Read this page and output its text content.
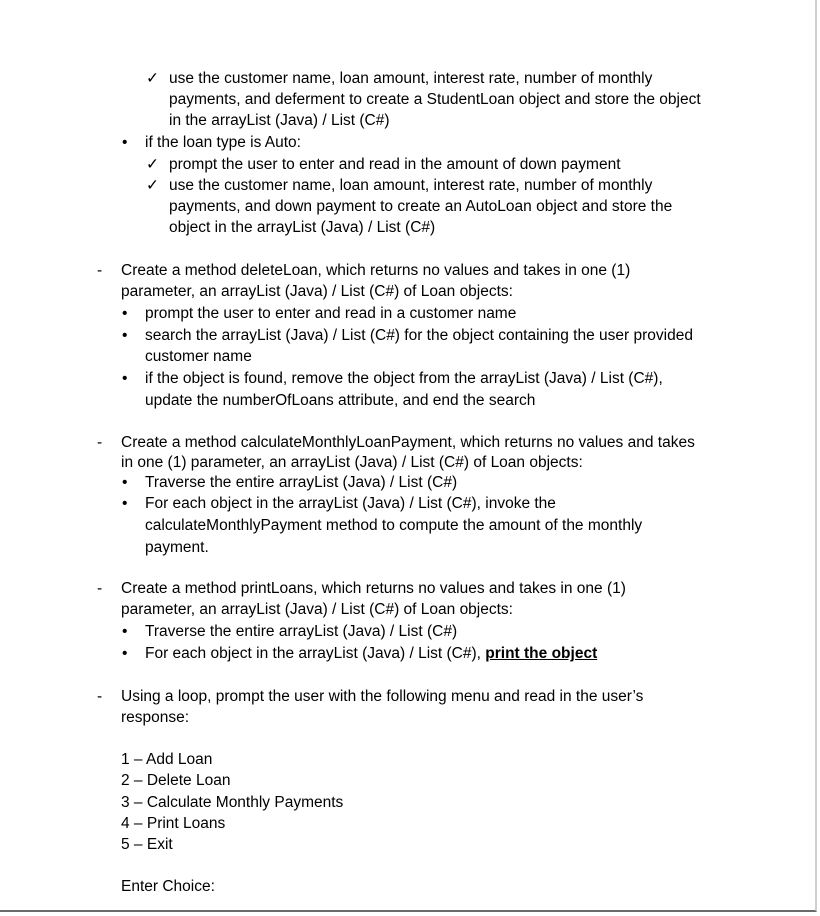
✓ use the customer name, loan amount, interest rate, number of monthly
payments, and deferment to create a StudentLoan object and store the object
in the arrayList (Java) / List (C#)
• if the loan type is Auto:
✓ prompt the user to enter and read in the amount of down payment
✓ use the customer name, loan amount, interest rate, number of monthly
payments, and down payment to create an AutoLoan object and store the
object in the arrayList (Java) / List (C#)
- Create a method deleteLoan, which returns no values and takes in one (1)
parameter, an arrayList (Java) / List (C#) of Loan objects:
• prompt the user to enter and read in a customer name
• search the arrayList (Java) / List (C#) for the object containing the user provided
customer name
• if the object is found, remove the object from the arrayList (Java) / List (C#),
update the numberOfLoans attribute, and end the search
- Create a method calculateMonthlyLoanPayment, which returns no values and takes
in one (1) parameter, an arrayList (Java) / List (C#) of Loan objects:
• Traverse the entire arrayList (Java) / List (C#)
• For each object in the arrayList (Java) / List (C#), invoke the
calculateMonthlyPayment method to compute the amount of the monthly
payment.
- Create a method printLoans, which returns no values and takes in one (1)
parameter, an arrayList (Java) / List (C#) of Loan objects:
• Traverse the entire arrayList (Java) / List (C#)
• For each object in the arrayList (Java) / List (C#), print the object
- Using a loop, prompt the user with the following menu and read in the user’s
response:
1 – Add Loan
2 – Delete Loan
3 – Calculate Monthly Payments
4 – Print Loans
5 – Exit
Enter Choice:
